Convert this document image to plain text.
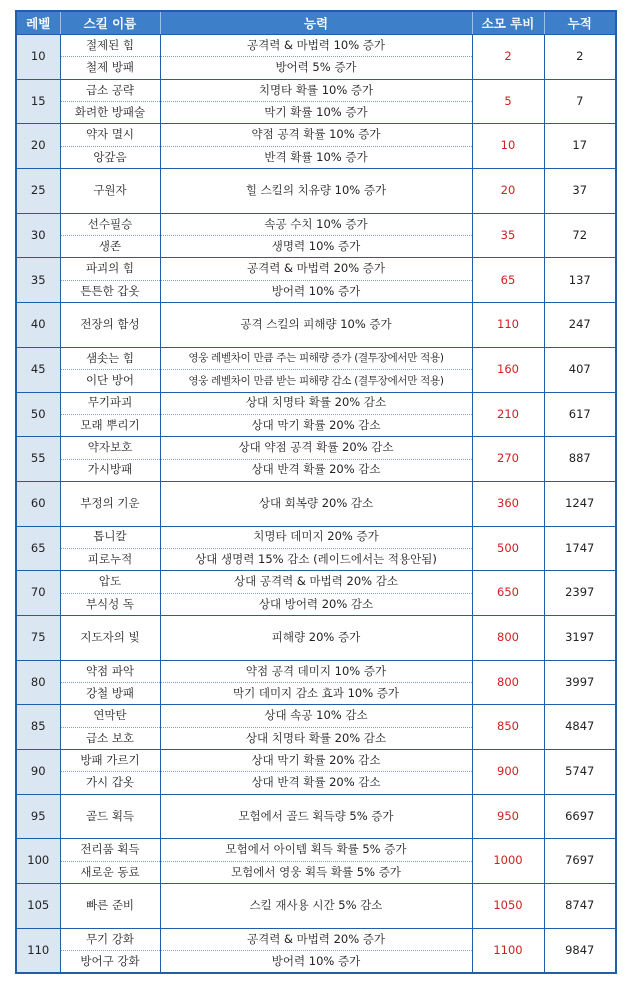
레벨	스킬 이름	능력	소모 루비	누적
10	절제된 힘	공격력 & 마법력 10% 증가	2	2
	철제 방패	방어력 5% 증가		
15	급소 공략	치명타 확률 10% 증가	5	7
	화려한 방패술	막기 확률 10% 증가		
20	약자 멸시	약점 공격 확률 10% 증가	10	17
	앙갚음	반격 확률 10% 증가		
25	구원자	힐 스킬의 치유량 10% 증가	20	37
30	선수필승	속공 수치 10% 증가	35	72
	생존	생명력 10% 증가		
35	파괴의 힘	공격력 & 마법력 20% 증가	65	137
	튼튼한 갑옷	방어력 10% 증가		
40	전장의 함성	공격 스킬의 피해량 10% 증가	110	247
45	샘솟는 힘	영웅 레벨차이 만큼 주는 피해량 증가 (결투장에서만 적용)	160	407
	이단 방어	영웅 레벨차이 만큼 받는 피해량 감소 (결투장에서만 적용)		
50	무기파괴	상대 치명타 확률 20% 감소	210	617
	모래 뿌리기	상대 막기 확률 20% 감소		
55	약자보호	상대 약점 공격 확률 20% 감소	270	887
	가시방패	상대 반격 확률 20% 감소		
60	부정의 기운	상대 회복량 20% 감소	360	1247
65	톱니칼	치명타 데미지 20% 증가	500	1747
	피로누적	상대 생명력 15% 감소 (레이드에서는 적용안됨)		
70	압도	상대 공격력 & 마법력 20% 감소	650	2397
	부식성 독	상대 방어력 20% 감소		
75	지도자의 빛	피해량 20% 증가	800	3197
80	약점 파악	약점 공격 데미지 10% 증가	800	3997
	강철 방패	막기 데미지 감소 효과 10% 증가		
85	연막탄	상대 속공 10% 감소	850	4847
	급소 보호	상대 치명타 확률 20% 감소		
90	방패 가르기	상대 막기 확률 20% 감소	900	5747
	가시 갑옷	상대 반격 확률 20% 감소		
95	골드 획득	모험에서 골드 획득량 5% 증가	950	6697
100	전리품 획득	모험에서 아이템 획득 확률 5% 증가	1000	7697
	새로운 동료	모험에서 영웅 획득 확률 5% 증가		
105	빠른 준비	스킬 재사용 시간 5% 감소	1050	8747
110	무기 강화	공격력 & 마법력 20% 증가	1100	9847
	방어구 강화	방어력 10% 증가		
